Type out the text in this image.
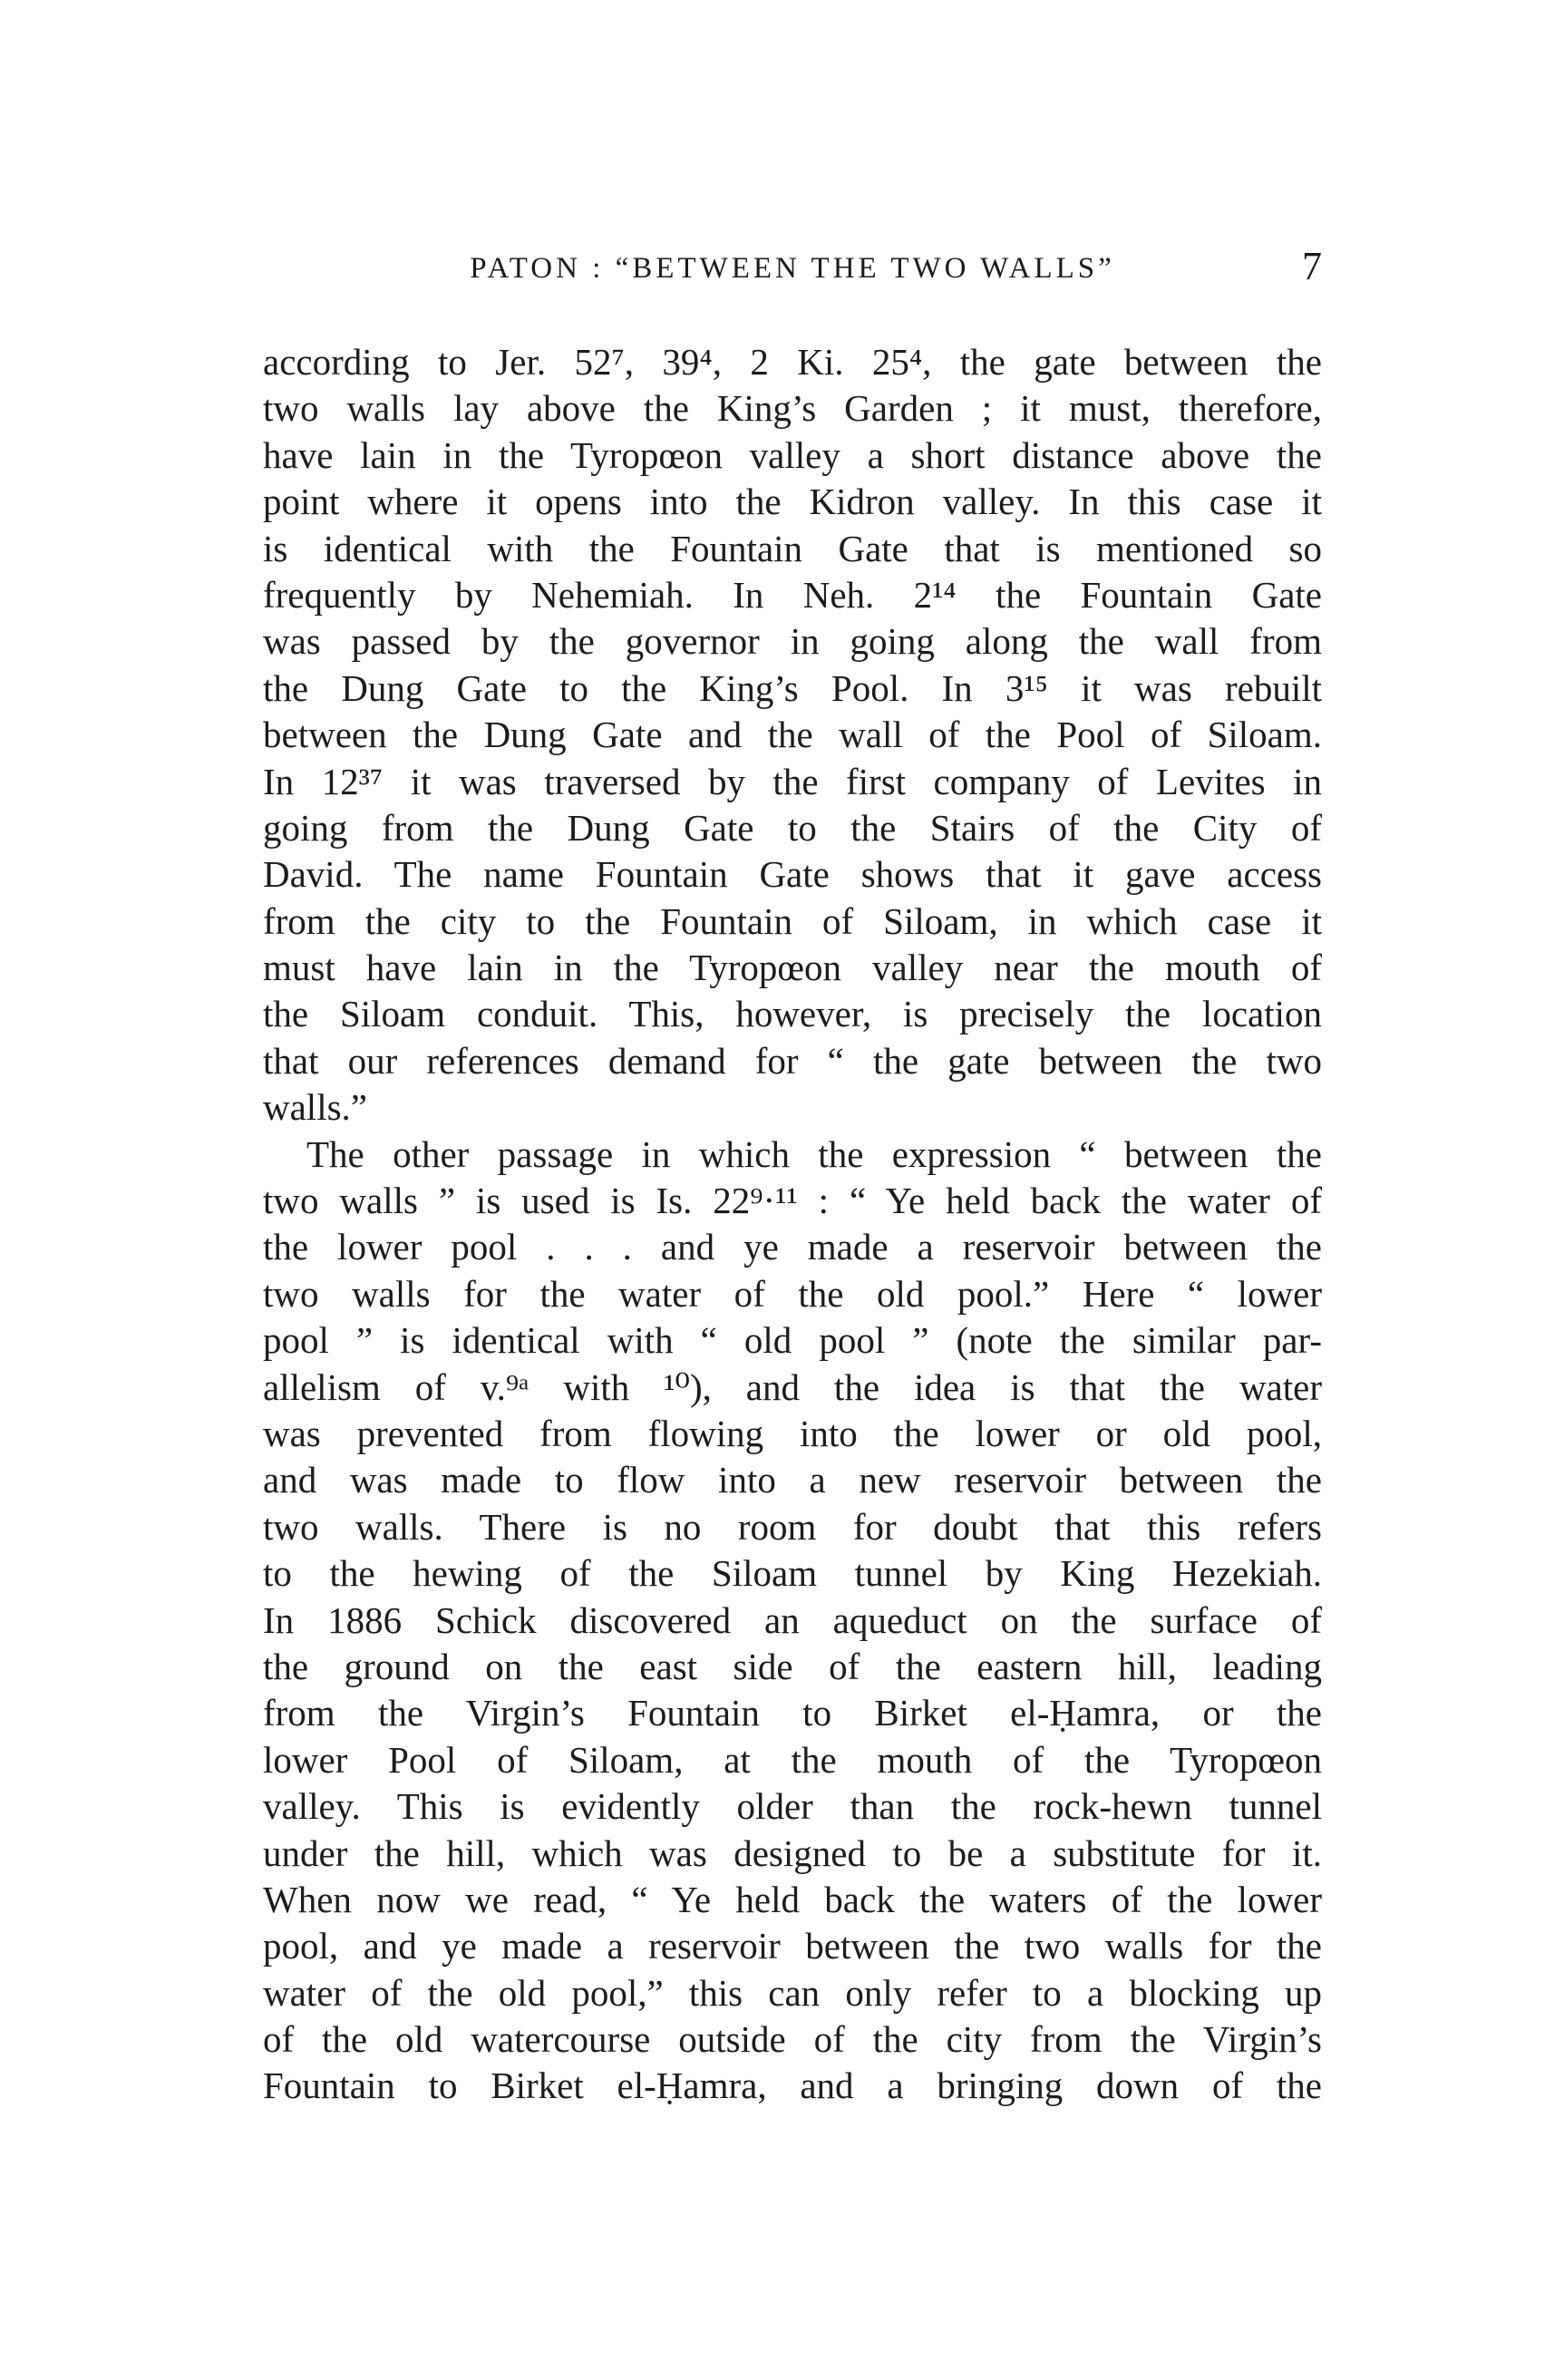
PATON : “BETWEEN THE TWO WALLS”	7
according to Jer. 52⁷, 39⁴, 2 Ki. 25⁴, the gate between the
two walls lay above the King’s Garden ; it must, therefore,
have lain in the Tyropœon valley a short distance above the
point where it opens into the Kidron valley. In this case it
is identical with the Fountain Gate that is mentioned so
frequently by Nehemiah. In Neh. 2¹⁴ the Fountain Gate
was passed by the governor in going along the wall from
the Dung Gate to the King’s Pool. In 3¹⁵ it was rebuilt
between the Dung Gate and the wall of the Pool of Siloam.
In 12³⁷ it was traversed by the first company of Levites in
going from the Dung Gate to the Stairs of the City of
David. The name Fountain Gate shows that it gave access
from the city to the Fountain of Siloam, in which case it
must have lain in the Tyropœon valley near the mouth of
the Siloam conduit. This, however, is precisely the location
that our references demand for “ the gate between the two
walls.”
The other passage in which the expression “ between the
two walls ” is used is Is. 22⁹·¹¹ : “ Ye held back the water of
the lower pool . . . and ye made a reservoir between the
two walls for the water of the old pool.” Here “ lower
pool ” is identical with “ old pool ” (note the similar par-
allelism of v.⁹ᵃ with ¹⁰), and the idea is that the water
was prevented from flowing into the lower or old pool,
and was made to flow into a new reservoir between the
two walls. There is no room for doubt that this refers
to the hewing of the Siloam tunnel by King Hezekiah.
In 1886 Schick discovered an aqueduct on the surface of
the ground on the east side of the eastern hill, leading
from the Virgin’s Fountain to Birket el-Ḥamra, or the
lower Pool of Siloam, at the mouth of the Tyropœon
valley. This is evidently older than the rock-hewn tunnel
under the hill, which was designed to be a substitute for it.
When now we read, “ Ye held back the waters of the lower
pool, and ye made a reservoir between the two walls for the
water of the old pool,” this can only refer to a blocking up
of the old watercourse outside of the city from the Virgin’s
Fountain to Birket el-Ḥamra, and a bringing down of the
